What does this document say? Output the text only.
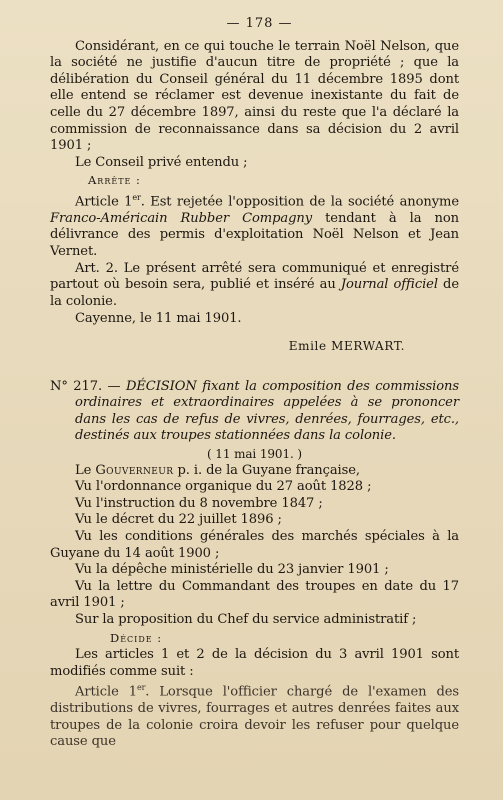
— 178 —

Considérant, en ce qui touche le terrain Noël Nelson, que la société ne justifie d'aucun titre de propriété ; que la délibération du Conseil général du 11 décembre 1895 dont elle entend se réclamer est devenue inexistante du fait de celle du 27 décembre 1897, ainsi du reste que l'a déclaré la commission de reconnaissance dans sa décision du 2 avril 1901 ;

Le Conseil privé entendu ;

Arrête :

Article 1er. Est rejetée l'opposition de la société anonyme Franco-Américain Rubber Compagny tendant à la non délivrance des permis d'exploitation Noël Nelson et Jean Vernet.

Art. 2. Le présent arrêté sera communiqué et enregistré partout où besoin sera, publié et inséré au Journal officiel de la colonie.

Cayenne, le 11 mai 1901.

Emile MERWART.

N° 217. — DÉCISION fixant la composition des commissions ordinaires et extraordinaires appelées à se prononcer dans les cas de refus de vivres, denrées, fourrages, etc., destinés aux troupes stationnées dans la colonie.

( 11 mai 1901. )

Le Gouverneur p. i. de la Guyane française,

Vu l'ordonnance organique du 27 août 1828 ;

Vu l'instruction du 8 novembre 1847 ;

Vu le décret du 22 juillet 1896 ;

Vu les conditions générales des marchés spéciales à la Guyane du 14 août 1900 ;

Vu la dépêche ministérielle du 23 janvier 1901 ;

Vu la lettre du Commandant des troupes en date du 17 avril 1901 ;

Sur la proposition du Chef du service administratif ;

Décide :

Les articles 1 et 2 de la décision du 3 avril 1901 sont modifiés comme suit :

Article 1er. Lorsque l'officier chargé de l'examen des distributions de vivres, fourrages et autres denrées faites aux troupes de la colonie croira devoir les refuser pour quelque cause que
